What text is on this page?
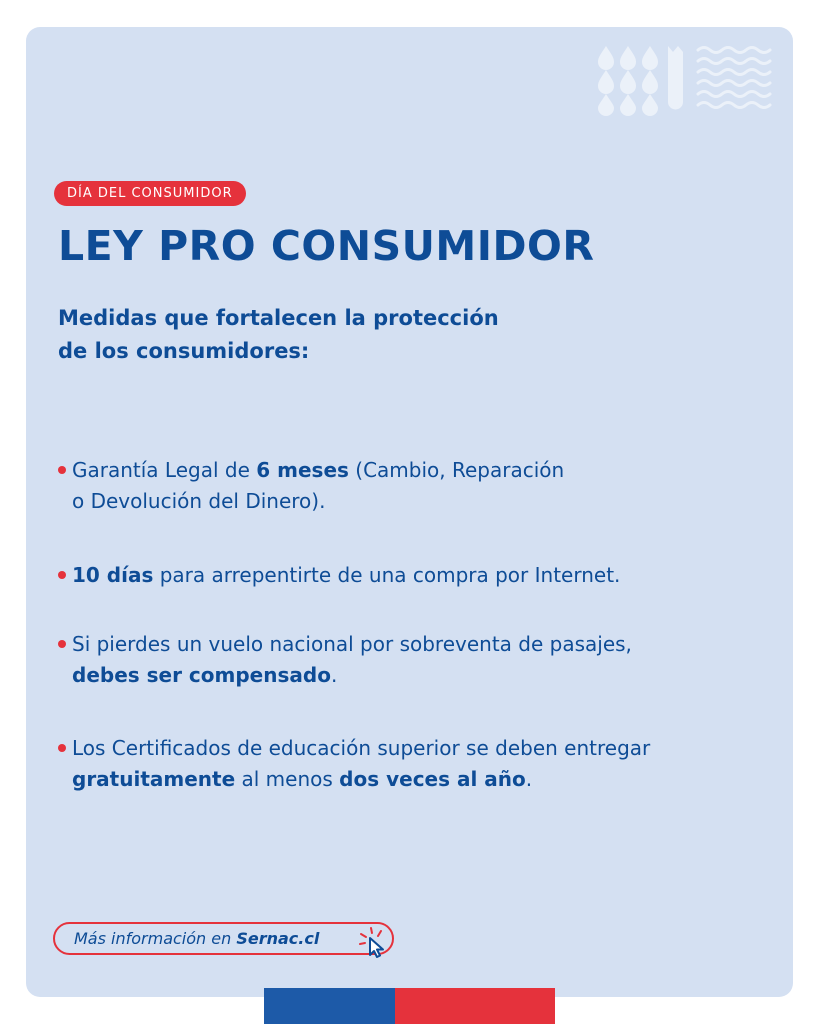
DÍA DEL CONSUMIDOR
LEY PRO CONSUMIDOR

Medidas que fortalecen la protección
de los consumidores:

Garantía Legal de 6 meses (Cambio, Reparación
o Devolución del Dinero).
10 días para arrepentirte de una compra por Internet.
Si pierdes un vuelo nacional por sobreventa de pasajes,
debes ser compensado.
Los Certificados de educación superior se deben entregar
gratuitamente al menos dos veces al año.
Más información en Sernac.cl
